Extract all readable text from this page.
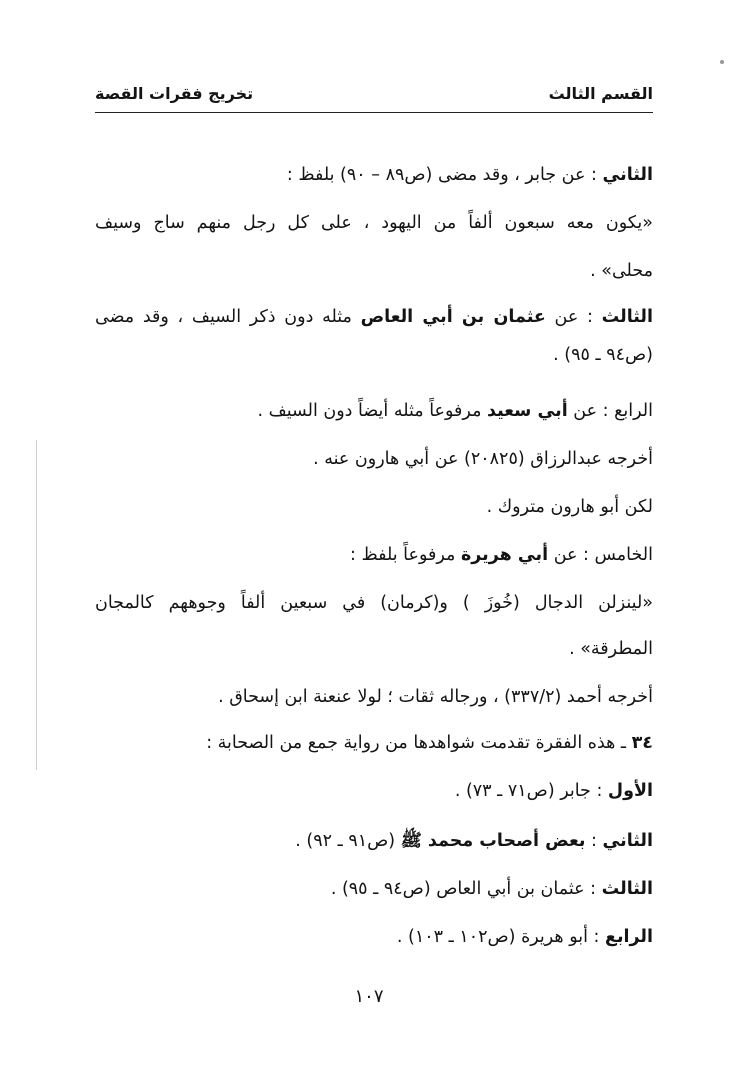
القسم الثالث
تخريج فقرات القصة
الثاني : عن جابر ، وقد مضى (ص٨٩ – ٩٠) بلفظ :
«يكون معه سبعون ألفاً من اليهود ، على كل رجل منهم ساج وسيف
محلى» .
الثالث : عن عثمان بن أبي العاص مثله دون ذكر السيف ، وقد مضى
(ص٩٤ ـ ٩٥) .
الرابع : عن أبي سعيد مرفوعاً مثله أيضاً دون السيف .
أخرجه عبدالرزاق (٢٠٨٢٥) عن أبي هارون عنه .
لكن أبو هارون متروك .
الخامس : عن أبي هريرة مرفوعاً بلفظ :
«لينزلن الدجال (خُوزَ ) و(كرمان) في سبعين ألفاً وجوههم كالمجان
المطرقة» .
أخرجه أحمد (٣٣٧/٢) ، ورجاله ثقات ؛ لولا عنعنة ابن إسحاق .
٣٤ ـ هذه الفقرة تقدمت شواهدها من رواية جمع من الصحابة :
الأول : جابر (ص٧١ ـ ٧٣) .
الثاني : بعض أصحاب محمد ﷺ (ص٩١ ـ ٩٢) .
الثالث : عثمان بن أبي العاص (ص٩٤ ـ ٩٥) .
الرابع : أبو هريرة (ص١٠٢ ـ ١٠٣) .
١٠٧
